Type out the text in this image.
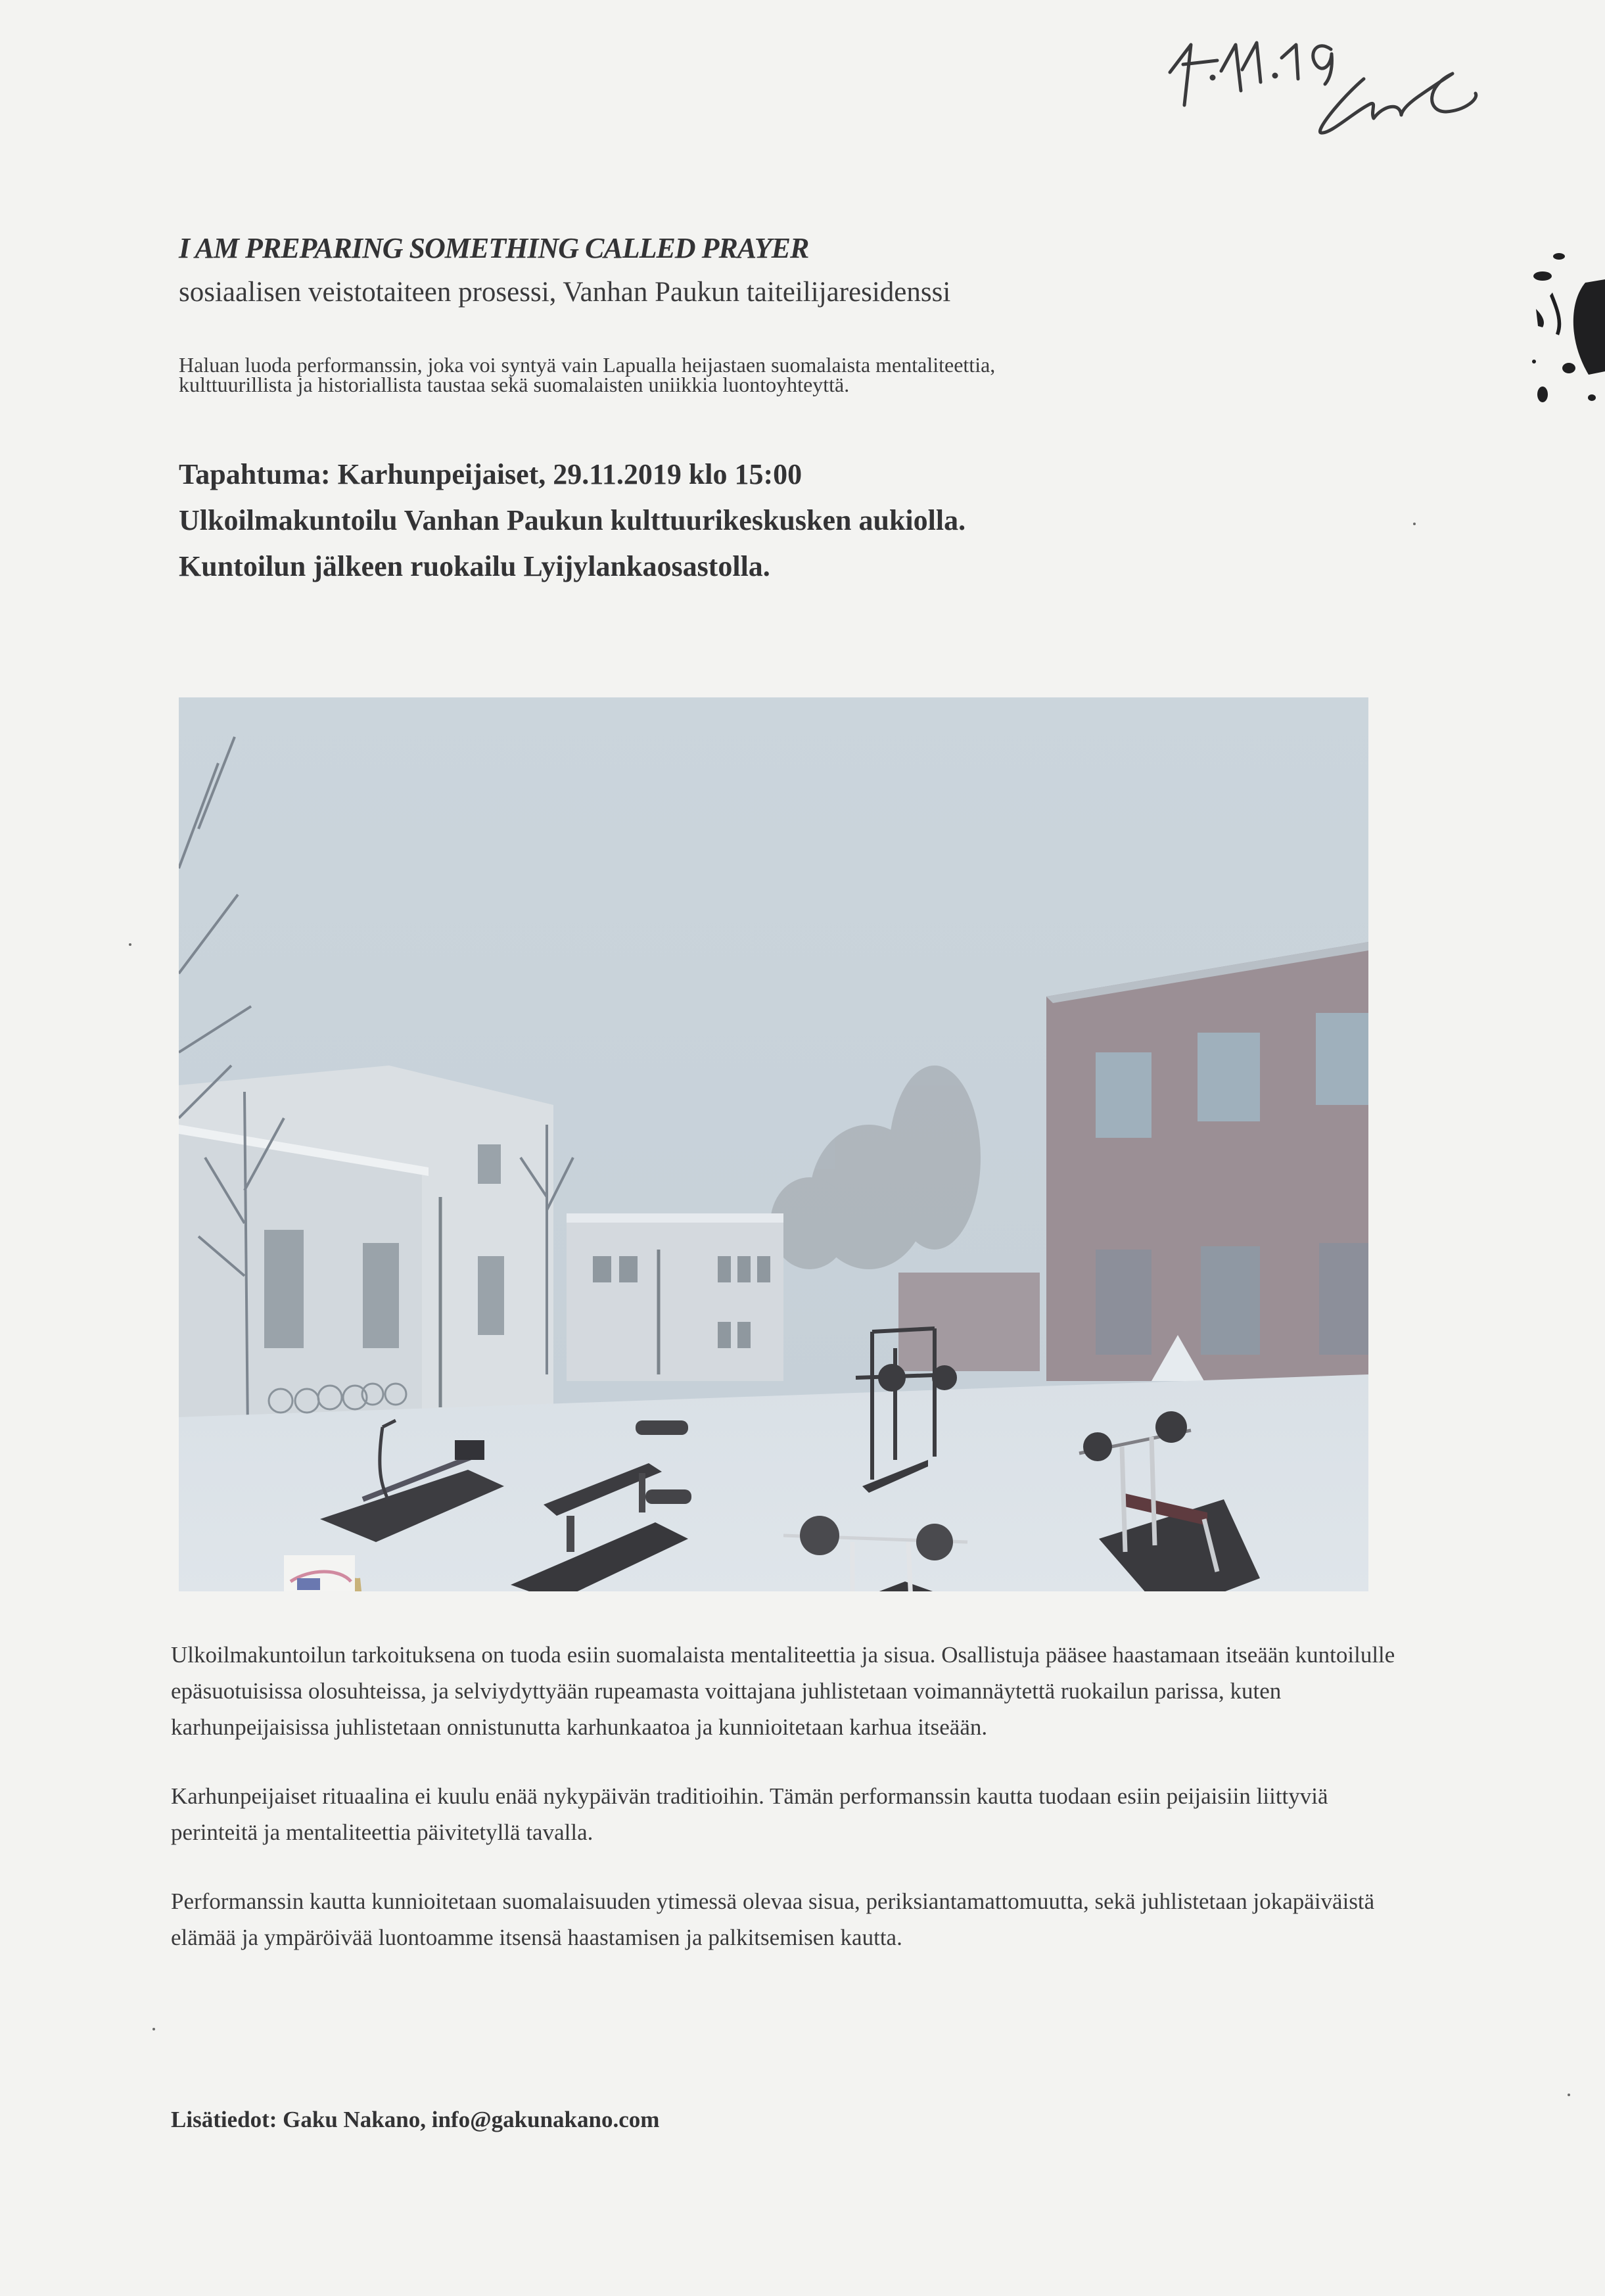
I AM PREPARING SOMETHING CALLED PRAYER
sosiaalisen veistotaiteen prosessi, Vanhan Paukun taiteilijaresidenssi

Haluan luoda performanssin, joka voi syntyä vain Lapualla heijastaen suomalaista mentaliteettia,

kulttuurillista ja historiallista taustaa sekä suomalaisten uniikkia luontoyhteyttä.

Tapahtuma: Karhunpeijaiset, 29.11.2019 klo 15:00

Ulkoilmakuntoilu Vanhan Paukun kulttuurikeskusken aukiolla.

Kuntoilun jälkeen ruokailu Lyijylankaosastolla.

Ulkoilmakuntoilun tarkoituksena on tuoda esiin suomalaista mentaliteettia ja sisua. Osallistuja pääsee haastamaan itseään kuntoilulle epäsuotuisissa olosuhteissa, ja selviydyttyään rupeamasta voittajana juhlistetaan voimannäytettä ruokailun parissa, kuten karhunpeijaisissa juhlistetaan onnistunutta karhunkaatoa ja kunnioitetaan karhua itseään.

Karhunpeijaiset rituaalina ei kuulu enää nykypäivän traditioihin. Tämän performanssin kautta tuodaan esiin peijaisiin liittyviä perinteitä ja mentaliteettia päivitetyllä tavalla.

Performanssin kautta kunnioitetaan suomalaisuuden ytimessä olevaa sisua, periksiantamattomuutta, sekä juhlistetaan jokapäiväistä elämää ja ympäröivää luontoamme itsensä haastamisen ja palkitsemisen kautta.

Lisätiedot: Gaku Nakano, info@gakunakano.com
